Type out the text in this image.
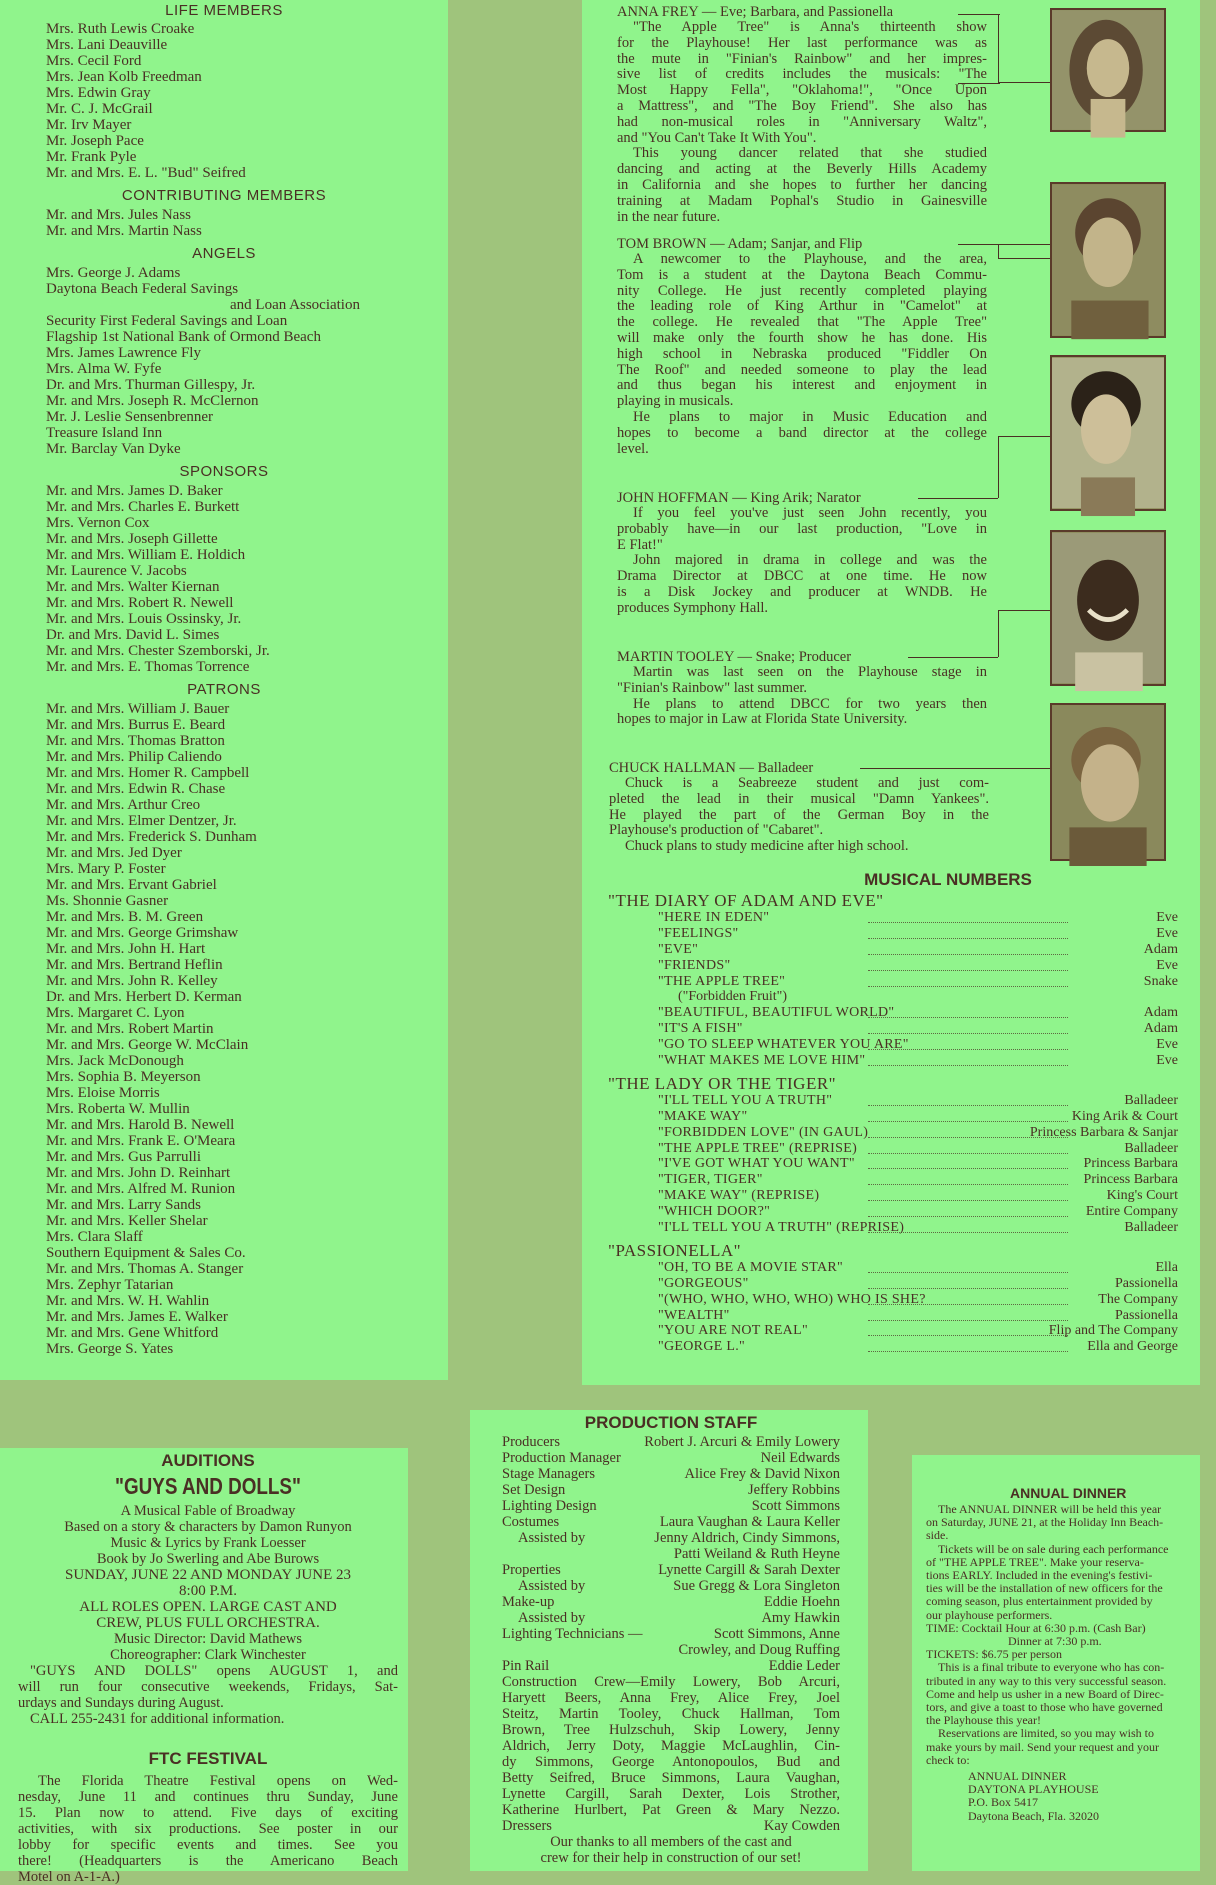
LIFE MEMBERS

Mrs. Ruth Lewis Croake

Mrs. Lani Deauville

Mrs. Cecil Ford

Mrs. Jean Kolb Freedman

Mrs. Edwin Gray

Mr. C. J. McGrail

Mr. Irv Mayer

Mr. Joseph Pace

Mr. Frank Pyle

Mr. and Mrs. E. L. "Bud" Seifred

CONTRIBUTING MEMBERS

Mr. and Mrs. Jules Nass

Mr. and Mrs. Martin Nass

ANGELS

Mrs. George J. Adams

Daytona Beach Federal Savings

and Loan Association

Security First Federal Savings and Loan

Flagship 1st National Bank of Ormond Beach

Mrs. James Lawrence Fly

Mrs. Alma W. Fyfe

Dr. and Mrs. Thurman Gillespy, Jr.

Mr. and Mrs. Joseph R. McClernon

Mr. J. Leslie Sensenbrenner

Treasure Island Inn

Mr. Barclay Van Dyke

SPONSORS

Mr. and Mrs. James D. Baker

Mr. and Mrs. Charles E. Burkett

Mrs. Vernon Cox

Mr. and Mrs. Joseph Gillette

Mr. and Mrs. William E. Holdich

Mr. Laurence V. Jacobs

Mr. and Mrs. Walter Kiernan

Mr. and Mrs. Robert R. Newell

Mr. and Mrs. Louis Ossinsky, Jr.

Dr. and Mrs. David L. Simes

Mr. and Mrs. Chester Szemborski, Jr.

Mr. and Mrs. E. Thomas Torrence

PATRONS

Mr. and Mrs. William J. Bauer

Mr. and Mrs. Burrus E. Beard

Mr. and Mrs. Thomas Bratton

Mr. and Mrs. Philip Caliendo

Mr. and Mrs. Homer R. Campbell

Mr. and Mrs. Edwin R. Chase

Mr. and Mrs. Arthur Creo

Mr. and Mrs. Elmer Dentzer, Jr.

Mr. and Mrs. Frederick S. Dunham

Mr. and Mrs. Jed Dyer

Mrs. Mary P. Foster

Mr. and Mrs. Ervant Gabriel

Ms. Shonnie Gasner

Mr. and Mrs. B. M. Green

Mr. and Mrs. George Grimshaw

Mr. and Mrs. John H. Hart

Mr. and Mrs. Bertrand Heflin

Mr. and Mrs. John R. Kelley

Dr. and Mrs. Herbert D. Kerman

Mrs. Margaret C. Lyon

Mr. and Mrs. Robert Martin

Mr. and Mrs. George W. McClain

Mrs. Jack McDonough

Mrs. Sophia B. Meyerson

Mrs. Eloise Morris

Mrs. Roberta W. Mullin

Mr. and Mrs. Harold B. Newell

Mr. and Mrs. Frank E. O'Meara

Mr. and Mrs. Gus Parrulli

Mr. and Mrs. John D. Reinhart

Mr. and Mrs. Alfred M. Runion

Mr. and Mrs. Larry Sands

Mr. and Mrs. Keller Shelar

Mrs. Clara Slaff

Southern Equipment & Sales Co.

Mr. and Mrs. Thomas A. Stanger

Mrs. Zephyr Tatarian

Mr. and Mrs. W. H. Wahlin

Mr. and Mrs. James E. Walker

Mr. and Mrs. Gene Whitford

Mrs. George S. Yates

ANNA FREY — Eve; Barbara, and Passionella

"The Apple Tree" is Anna's thirteenth show

for the Playhouse! Her last performance was as

the mute in "Finian's Rainbow" and her impres-

sive list of credits includes the musicals: "The

Most Happy Fella", "Oklahoma!", "Once Upon

a Mattress", and "The Boy Friend". She also has

had non-musical roles in "Anniversary Waltz",

and "You Can't Take It With You".

This young dancer related that she studied

dancing and acting at the Beverly Hills Academy

in California and she hopes to further her dancing

training at Madam Pophal's Studio in Gainesville

in the near future.

TOM BROWN — Adam; Sanjar, and Flip

A newcomer to the Playhouse, and the area,

Tom is a student at the Daytona Beach Commu-

nity College. He just recently completed playing

the leading role of King Arthur in "Camelot" at

the college. He revealed that "The Apple Tree"

will make only the fourth show he has done. His

high school in Nebraska produced "Fiddler On

The Roof" and needed someone to play the lead

and thus began his interest and enjoyment in

playing in musicals.

He plans to major in Music Education and

hopes to become a band director at the college

level.

JOHN HOFFMAN — King Arik; Narator

If you feel you've just seen John recently, you

probably have—in our last production, "Love in

E Flat!"

John majored in drama in college and was the

Drama Director at DBCC at one time. He now

is a Disk Jockey and producer at WNDB. He

produces Symphony Hall.

MARTIN TOOLEY — Snake; Producer

Martin was last seen on the Playhouse stage in

"Finian's Rainbow" last summer.

He plans to attend DBCC for two years then

hopes to major in Law at Florida State University.

CHUCK HALLMAN — Balladeer

Chuck is a Seabreeze student and just com-

pleted the lead in their musical "Damn Yankees".

He played the part of the German Boy in the

Playhouse's production of "Cabaret".

Chuck plans to study medicine after high school.

MUSICAL NUMBERS

"THE DIARY OF ADAM AND EVE"

"HERE IN EDEN"	Eve
"FEELINGS"	Eve
"EVE"	Adam
"FRIENDS"	Eve
"THE APPLE TREE"	Snake
("Forbidden Fruit")
"BEAUTIFUL, BEAUTIFUL WORLD"	Adam
"IT'S A FISH"	Adam
"GO TO SLEEP WHATEVER YOU ARE"	Eve
"WHAT MAKES ME LOVE HIM"	Eve

"THE LADY OR THE TIGER"

"I'LL TELL YOU A TRUTH"	Balladeer
"MAKE WAY"	King Arik & Court
"FORBIDDEN LOVE" (IN GAUL)	Princess Barbara & Sanjar
"THE APPLE TREE" (REPRISE)	Balladeer
"I'VE GOT WHAT YOU WANT"	Princess Barbara
"TIGER, TIGER"	Princess Barbara
"MAKE WAY" (REPRISE)	King's Court
"WHICH DOOR?"	Entire Company
"I'LL TELL YOU A TRUTH" (REPRISE)	Balladeer

"PASSIONELLA"

"OH, TO BE A MOVIE STAR"	Ella
"GORGEOUS"	Passionella
"(WHO, WHO, WHO, WHO) WHO IS SHE?	The Company
"WEALTH"	Passionella
"YOU ARE NOT REAL"	Flip and The Company
"GEORGE L."	Ella and George

AUDITIONS

"GUYS AND DOLLS"

A Musical Fable of Broadway

Based on a story & characters by Damon Runyon

Music & Lyrics by Frank Loesser

Book by Jo Swerling and Abe Burows

SUNDAY, JUNE 22 AND MONDAY JUNE 23

8:00 P.M.

ALL ROLES OPEN. LARGE CAST AND

CREW, PLUS FULL ORCHESTRA.

Music Director: David Mathews

Choreographer: Clark Winchester

"GUYS AND DOLLS" opens AUGUST 1, and

will run four consecutive weekends, Fridays, Sat-

urdays and Sundays during August.

CALL 255-2431 for additional information.

FTC FESTIVAL

The Florida Theatre Festival opens on Wed-

nesday, June 11 and continues thru Sunday, June

15. Plan now to attend. Five days of exciting

activities, with six productions. See poster in our

lobby for specific events and times. See you

there! (Headquarters is the Americano Beach

Motel on A-1-A.)

PRODUCTION STAFF

Producers	Robert J. Arcuri & Emily Lowery

Production Manager	Neil Edwards

Stage Managers	Alice Frey & David Nixon

Set Design	Jeffery Robbins

Lighting Design	Scott Simmons

Costumes	Laura Vaughan & Laura Keller

Assisted by	Jenny Aldrich, Cindy Simmons,

Patti Weiland & Ruth Heyne

Properties	Lynette Cargill & Sarah Dexter

Assisted by	Sue Gregg & Lora Singleton

Make-up	Eddie Hoehn

Assisted by	Amy Hawkin

Lighting Technicians —	Scott Simmons, Anne

Crowley, and Doug Ruffing

Pin Rail	Eddie Leder

Construction Crew—Emily Lowery, Bob Arcuri,

Haryett Beers, Anna Frey, Alice Frey, Joel

Steitz, Martin Tooley, Chuck Hallman, Tom

Brown, Tree Hulzschuh, Skip Lowery, Jenny

Aldrich, Jerry Doty, Maggie McLaughlin, Cin-

dy Simmons, George Antonopoulos, Bud and

Betty Seifred, Bruce Simmons, Laura Vaughan,

Lynette Cargill, Sarah Dexter, Lois Strother,

Katherine Hurlbert, Pat Green & Mary Nezzo.

Dressers	Kay Cowden

Our thanks to all members of the cast and

crew for their help in construction of our set!

ANNUAL DINNER

The ANNUAL DINNER will be held this year

on Saturday, JUNE 21, at the Holiday Inn Beach-

side.

Tickets will be on sale during each performance

of "THE APPLE TREE". Make your reserva-

tions EARLY. Included in the evening's festivi-

ties will be the installation of new officers for the

coming season, plus entertainment provided by

our playhouse performers.

TIME: Cocktail Hour at 6:30 p.m. (Cash Bar)

Dinner at 7:30 p.m.

TICKETS: $6.75 per person

This is a final tribute to everyone who has con-

tributed in any way to this very successful season.

Come and help us usher in a new Board of Direc-

tors, and give a toast to those who have governed

the Playhouse this year!

Reservations are limited, so you may wish to

make yours by mail. Send your request and your

check to:

ANNUAL DINNER

DAYTONA PLAYHOUSE

P.O. Box 5417

Daytona Beach, Fla. 32020
